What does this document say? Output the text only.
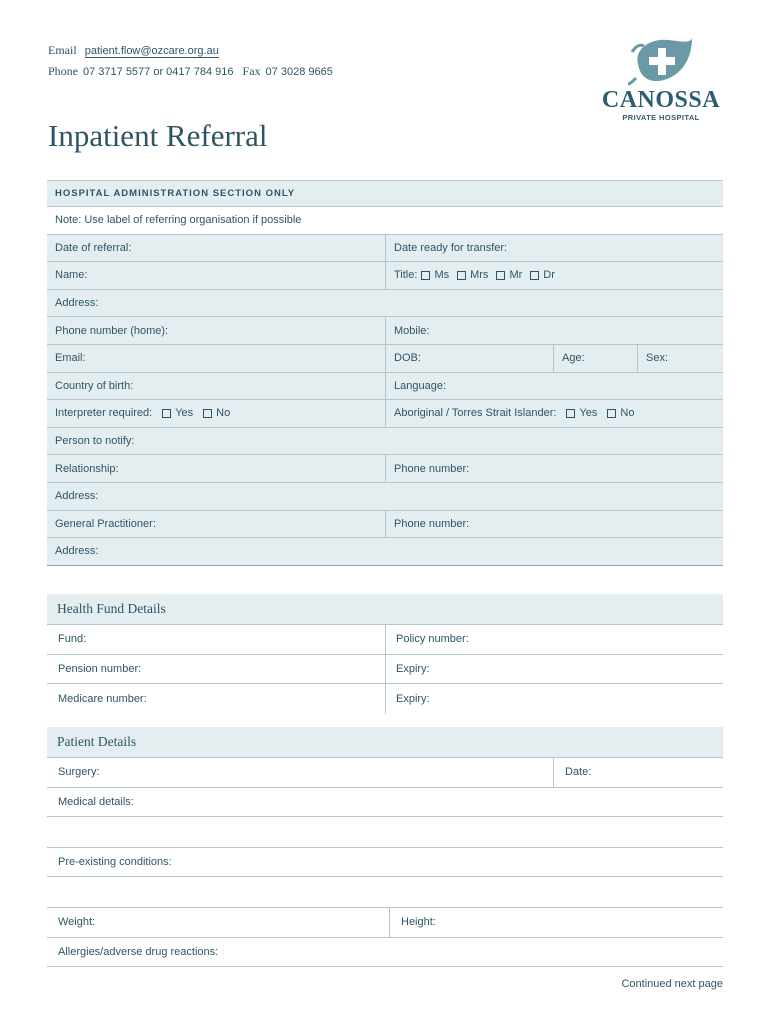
Email patient.flow@ozcare.org.au
Phone 07 3717 5577 or 0417 784 916 Fax 07 3028 9665
CANOSSA
PRIVATE HOSPITAL
Inpatient Referral
HOSPITAL ADMINISTRATION SECTION ONLY
Note: Use label of referring organisation if possible
Date of referral:	Date ready for transfer:
Name:	Title: Ms Mrs Mr Dr
Address:
Phone number (home):	Mobile:
Email:	DOB:	Age:	Sex:
Country of birth:	Language:
Interpreter required: Yes No	Aboriginal / Torres Strait Islander: Yes No
Person to notify:
Relationship:	Phone number:
Address:
General Practitioner:	Phone number:
Address:
Health Fund Details
Fund:	Policy number:
Pension number:	Expiry:
Medicare number:	Expiry:
Patient Details
Surgery:	Date:
Medical details:
Pre-existing conditions:
Weight:	Height:
Allergies/adverse drug reactions:
Continued next page
